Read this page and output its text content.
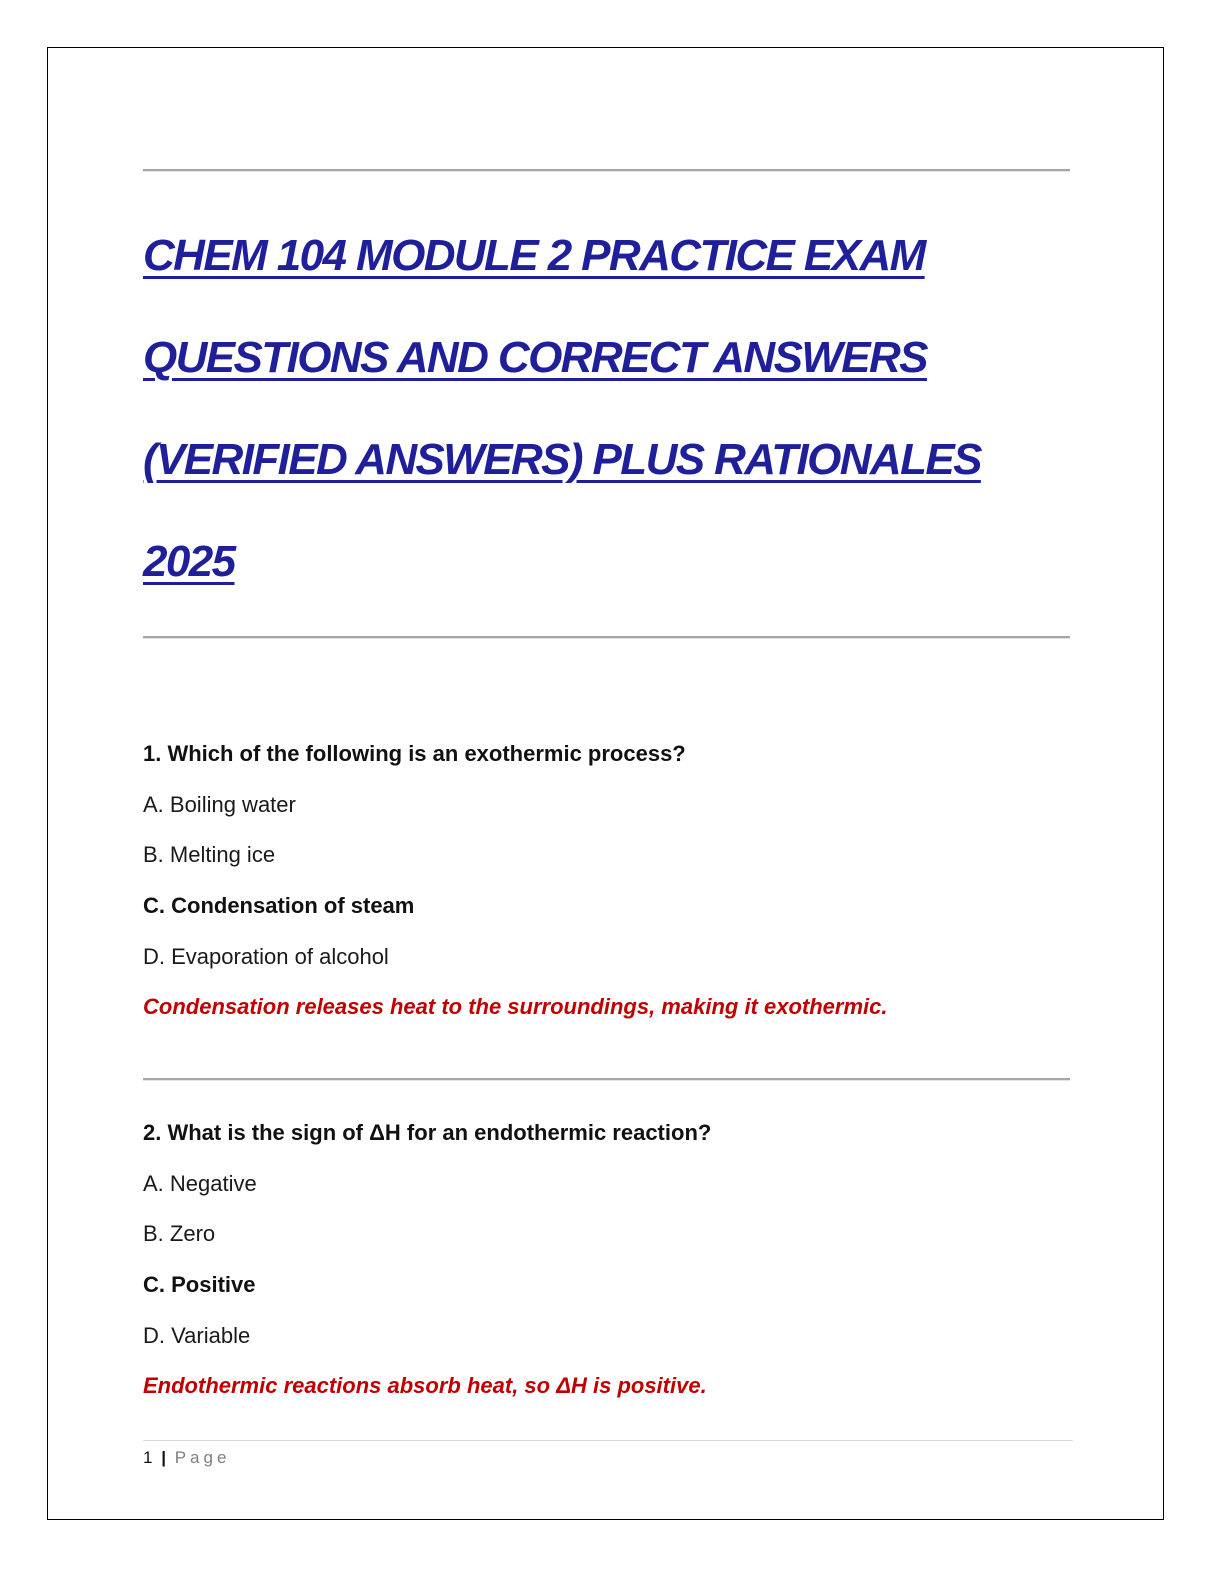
CHEM 104 MODULE 2 PRACTICE EXAM
QUESTIONS AND CORRECT ANSWERS
(VERIFIED ANSWERS) PLUS RATIONALES
2025
1. Which of the following is an exothermic process?
A. Boiling water
B. Melting ice
C. Condensation of steam
D. Evaporation of alcohol
Condensation releases heat to the surroundings, making it exothermic.
2. What is the sign of ΔH for an endothermic reaction?
A. Negative
B. Zero
C. Positive
D. Variable
Endothermic reactions absorb heat, so ΔH is positive.
1 | Page
